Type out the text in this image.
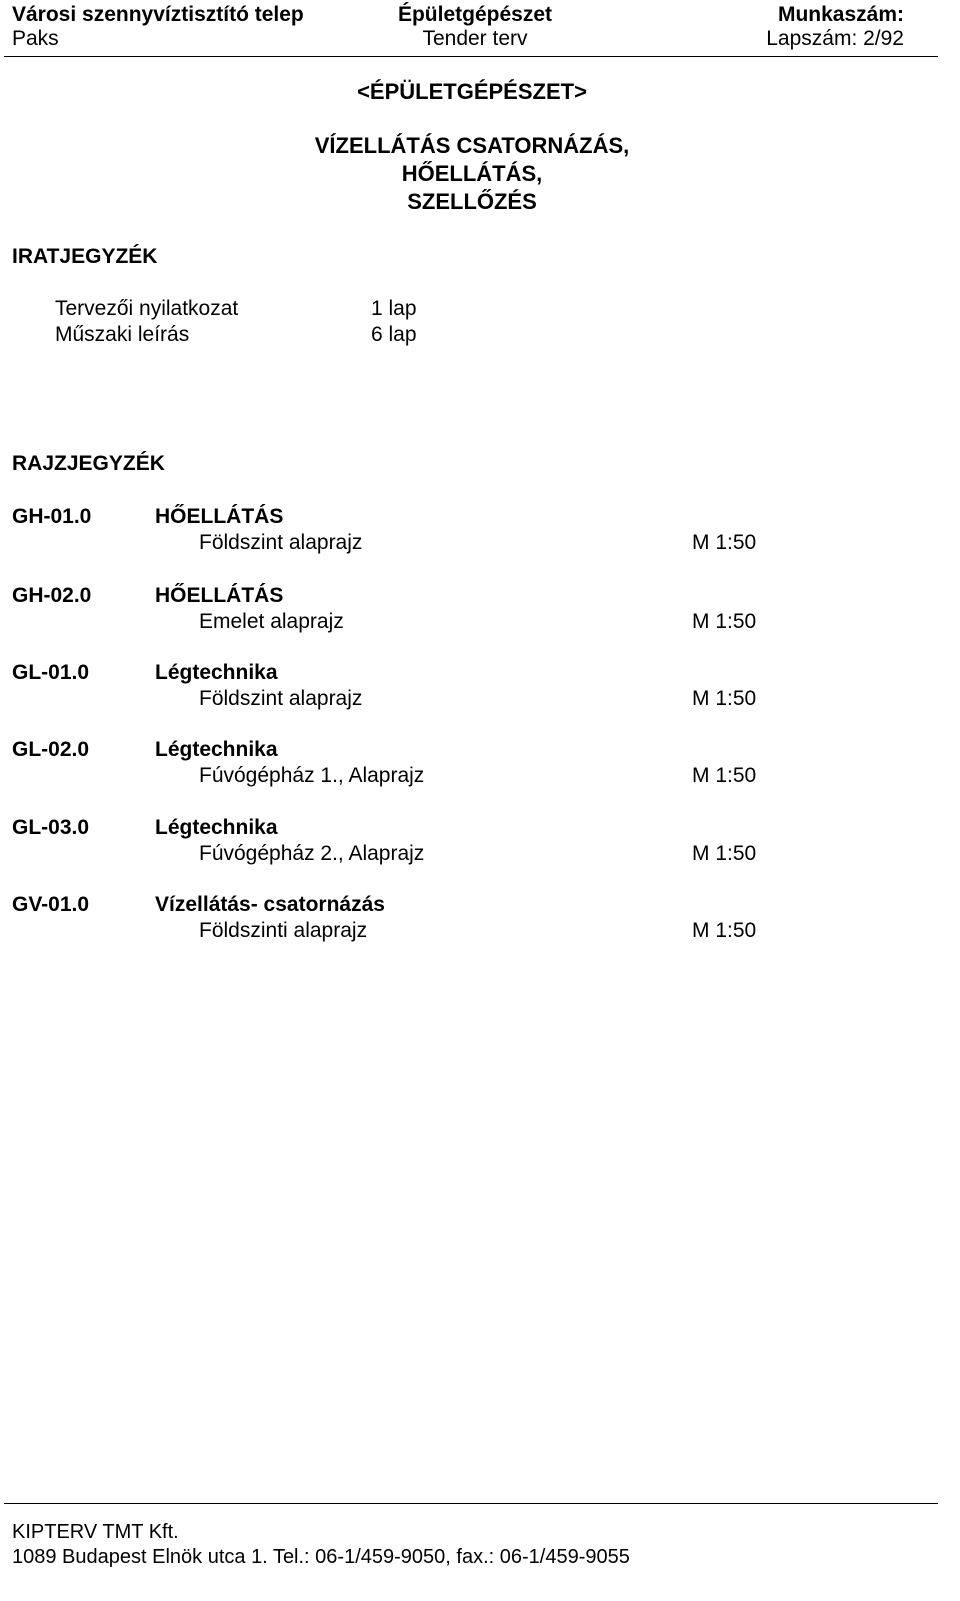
Városi szennyvíztisztító telep
Paks
Épületgépészet
Tender terv
Munkaszám:
Lapszám: 2/92
<ÉPÜLETGÉPÉSZET>
VÍZELLÁTÁS CSATORNÁZÁS,
HŐELLÁTÁS,
SZELLŐZÉS
IRATJEGYZÉK
Tervezői nyilatkozat	1 lap
Műszaki leírás	6 lap
RAJZJEGYZÉK
GH-01.0	HŐELLÁTÁS
Földszint alaprajz	M 1:50
GH-02.0	HŐELLÁTÁS
Emelet alaprajz	M 1:50
GL-01.0	Légtechnika
Földszint alaprajz	M 1:50
GL-02.0	Légtechnika
Fúvógépház 1., Alaprajz	M 1:50
GL-03.0	Légtechnika
Fúvógépház 2., Alaprajz	M 1:50
GV-01.0	Vízellátás- csatornázás
Földszinti alaprajz	M 1:50
KIPTERV TMT Kft.
1089 Budapest Elnök utca 1. Tel.: 06-1/459-9050, fax.: 06-1/459-9055
